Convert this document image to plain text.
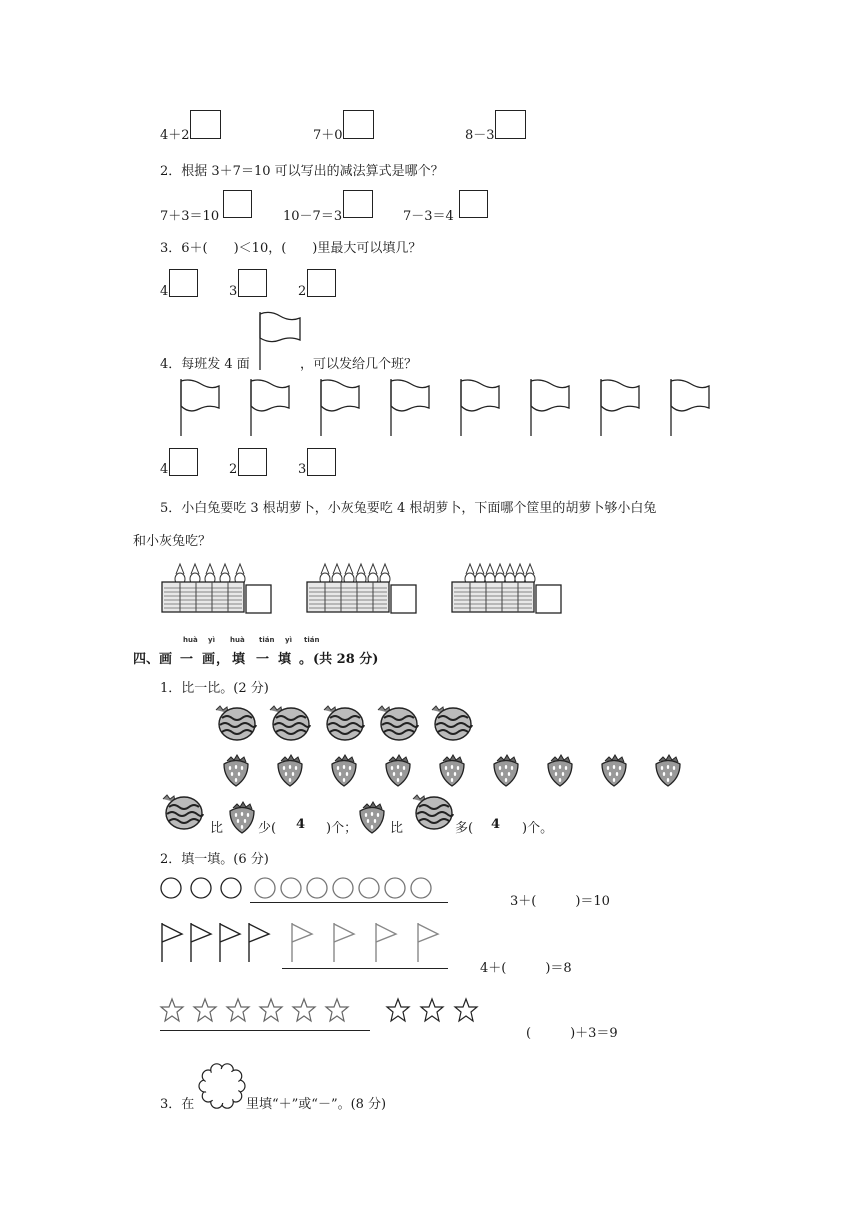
4＋2	7＋0	8－3
2．根据 3＋7＝10 可以写出的减法算式是哪个？
7＋3＝10	10－7＝3	7－3＝4
3．6＋(　　)＜10，(　　)里最大可以填几？
4	3	2
4．每班发 4 面	，可以发给几个班？
4	2	3
5．小白兔要吃 3 根胡萝卜，小灰兔要吃 4 根胡萝卜，下面哪个筐里的胡萝卜够小白兔
和小灰兔吃？
四、
huà
画
yì
一
huà
画 ，
tián
填
yì
一
tián
填 。 (共 28 分)
1．比一比。(2 分)
比	少( 4 )个；	比	多( 4 )个。
2．填一填。(6 分)
3＋(　　　)＝10
4＋(　　　)＝8
(　　　)＋3＝9
3．在	里填“＋”或“－”。(8 分)
